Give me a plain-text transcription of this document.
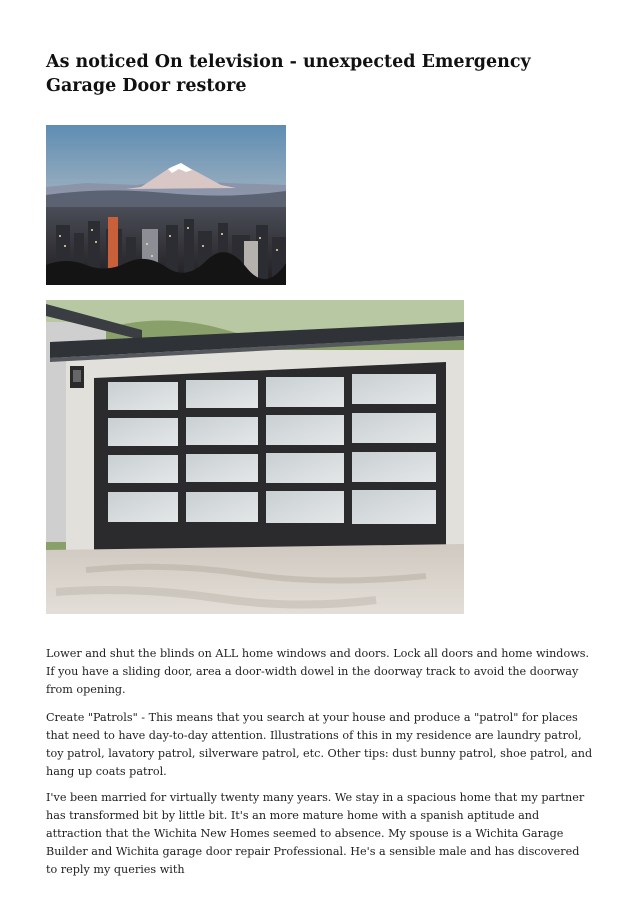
As noticed On television - unexpected Emergency Garage Door restore

Lower and shut the blinds on ALL home windows and doors. Lock all doors and home windows. If you have a sliding door, area a door-width dowel in the doorway track to avoid the doorway from opening.

Create "Patrols" - This means that you search at your house and produce a "patrol" for places that need to have day-to-day attention. Illustrations of this in my residence are laundry patrol, toy patrol, lavatory patrol, silverware patrol, etc. Other tips: dust bunny patrol, shoe patrol, and hang up coats patrol.

I've been married for virtually twenty many years. We stay in a spacious home that my partner has transformed bit by little bit. It's an more mature home with a spanish aptitude and attraction that the Wichita New Homes seemed to absence. My spouse is a Wichita Garage Builder and Wichita garage door repair Professional. He's a sensible male and has discovered to reply my queries with
